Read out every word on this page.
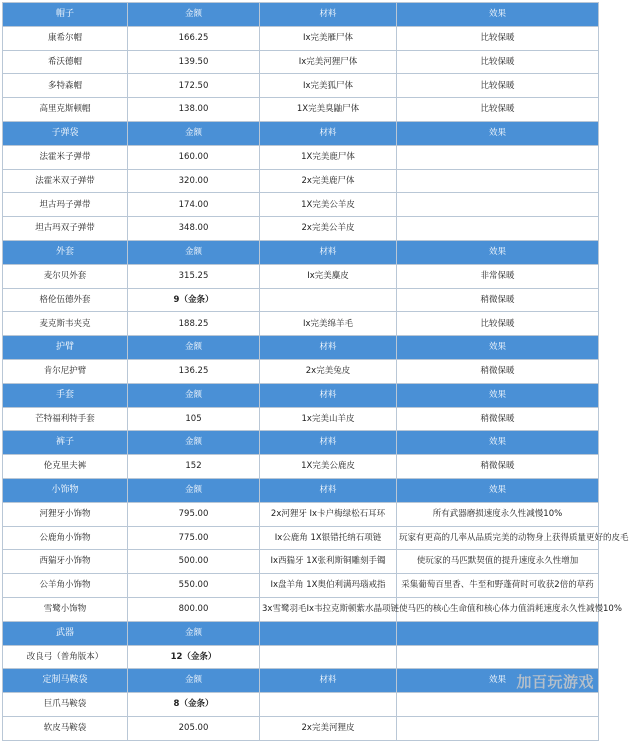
帽子	金额	材料	效果
康希尔帽	166.25	Ix完美雁尸体	比较保暖
希沃德帽	139.50	Ix完美河狸尸体	比较保暖
多特森帽	172.50	Ix完美狐尸体	比较保暖
高里克斯顿帽	138.00	1X完美臭鼬尸体	比较保暖
子弹袋	金额	材料	效果
法霍米子弹带	160.00	1X完美鹿尸体	
法霍米双子弹带	320.00	2x完美鹿尸体	
坦古玛子弹带	174.00	1X完美公羊皮	
坦古玛双子弹带	348.00	2x完美公羊皮	
外套	金额	材料	效果
麦尔贝外套	315.25	Ix完美麋皮	非常保暖
格伦伍德外套	9（金条）		稍微保暖
麦克斯韦夹克	188.25	Ix完美绵羊毛	比较保暖
护臂	金额	材料	效果
肯尔尼护臂	136.25	2x完美兔皮	稍微保暖
手套	金额	材料	效果
芒特福利特手套	105	1x完美山羊皮	稍微保暖
裤子	金额	材料	效果
伦克里夫裤	152	1X完美公鹿皮	稍微保暖
小饰物	金额	材料	效果
河狸牙小饰物	795.00	2x河狸牙 Ix卡户梅绿松石耳环	所有武器磨损速度永久性减慢10%
公鹿角小饰物	775.00	Ix公鹿角 1X银错托纳石项链	玩家有更高的几率从品质完美的动物身上获得质量更好的皮毛
西猯牙小饰物	500.00	Ix西猯牙 1X张利斯铜雕刻手镯	使玩家的马匹默契值的提升速度永久性增加
公羊角小饰物	550.00	Ix盘羊角 1X奥伯利满玛瑙戒指	采集葡萄百里香、牛至和野蓬荷时可收获2倍的草药
雪鹭小饰物	800.00	3x雪鹭羽毛Ix韦拉克斯顿紫水晶项链	使马匹的核心生命值和核心体力值消耗速度永久性减慢10%
武器	金额		
改良弓（普角版本）	12（金条）		
定制马鞍袋	金额	材料	效果
巨爪马鞍袋	8（金条）		
软皮马鞍袋	205.00	2x完美河狸皮	
加百玩游戏
